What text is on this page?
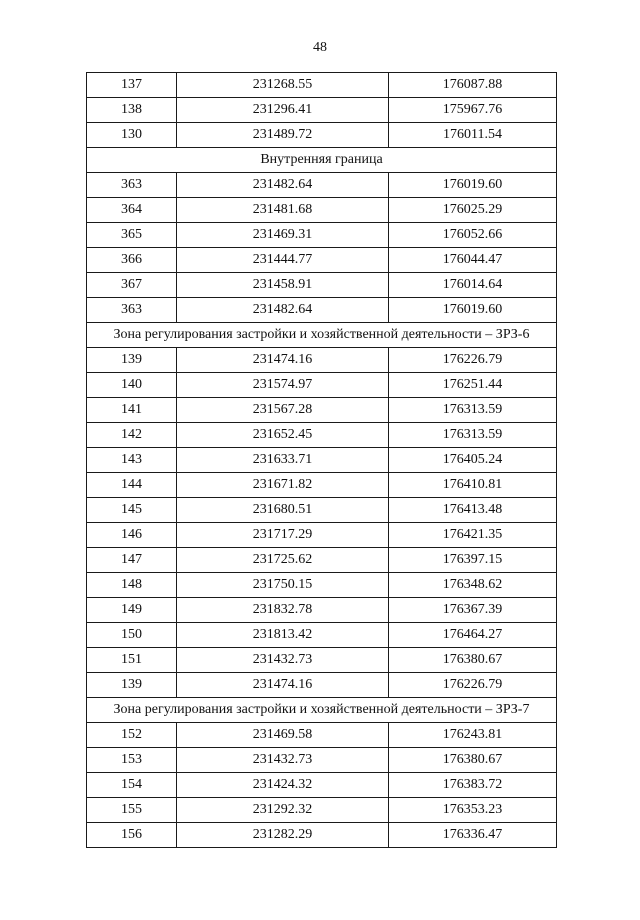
48
137	231268.55	176087.88
138	231296.41	175967.76
130	231489.72	176011.54
Внутренняя граница		
363	231482.64	176019.60
364	231481.68	176025.29
365	231469.31	176052.66
366	231444.77	176044.47
367	231458.91	176014.64
363	231482.64	176019.60
Зона регулирования застройки и хозяйственной деятельности – ЗРЗ-6		
139	231474.16	176226.79
140	231574.97	176251.44
141	231567.28	176313.59
142	231652.45	176313.59
143	231633.71	176405.24
144	231671.82	176410.81
145	231680.51	176413.48
146	231717.29	176421.35
147	231725.62	176397.15
148	231750.15	176348.62
149	231832.78	176367.39
150	231813.42	176464.27
151	231432.73	176380.67
139	231474.16	176226.79
Зона регулирования застройки и хозяйственной деятельности – ЗРЗ-7		
152	231469.58	176243.81
153	231432.73	176380.67
154	231424.32	176383.72
155	231292.32	176353.23
156	231282.29	176336.47
